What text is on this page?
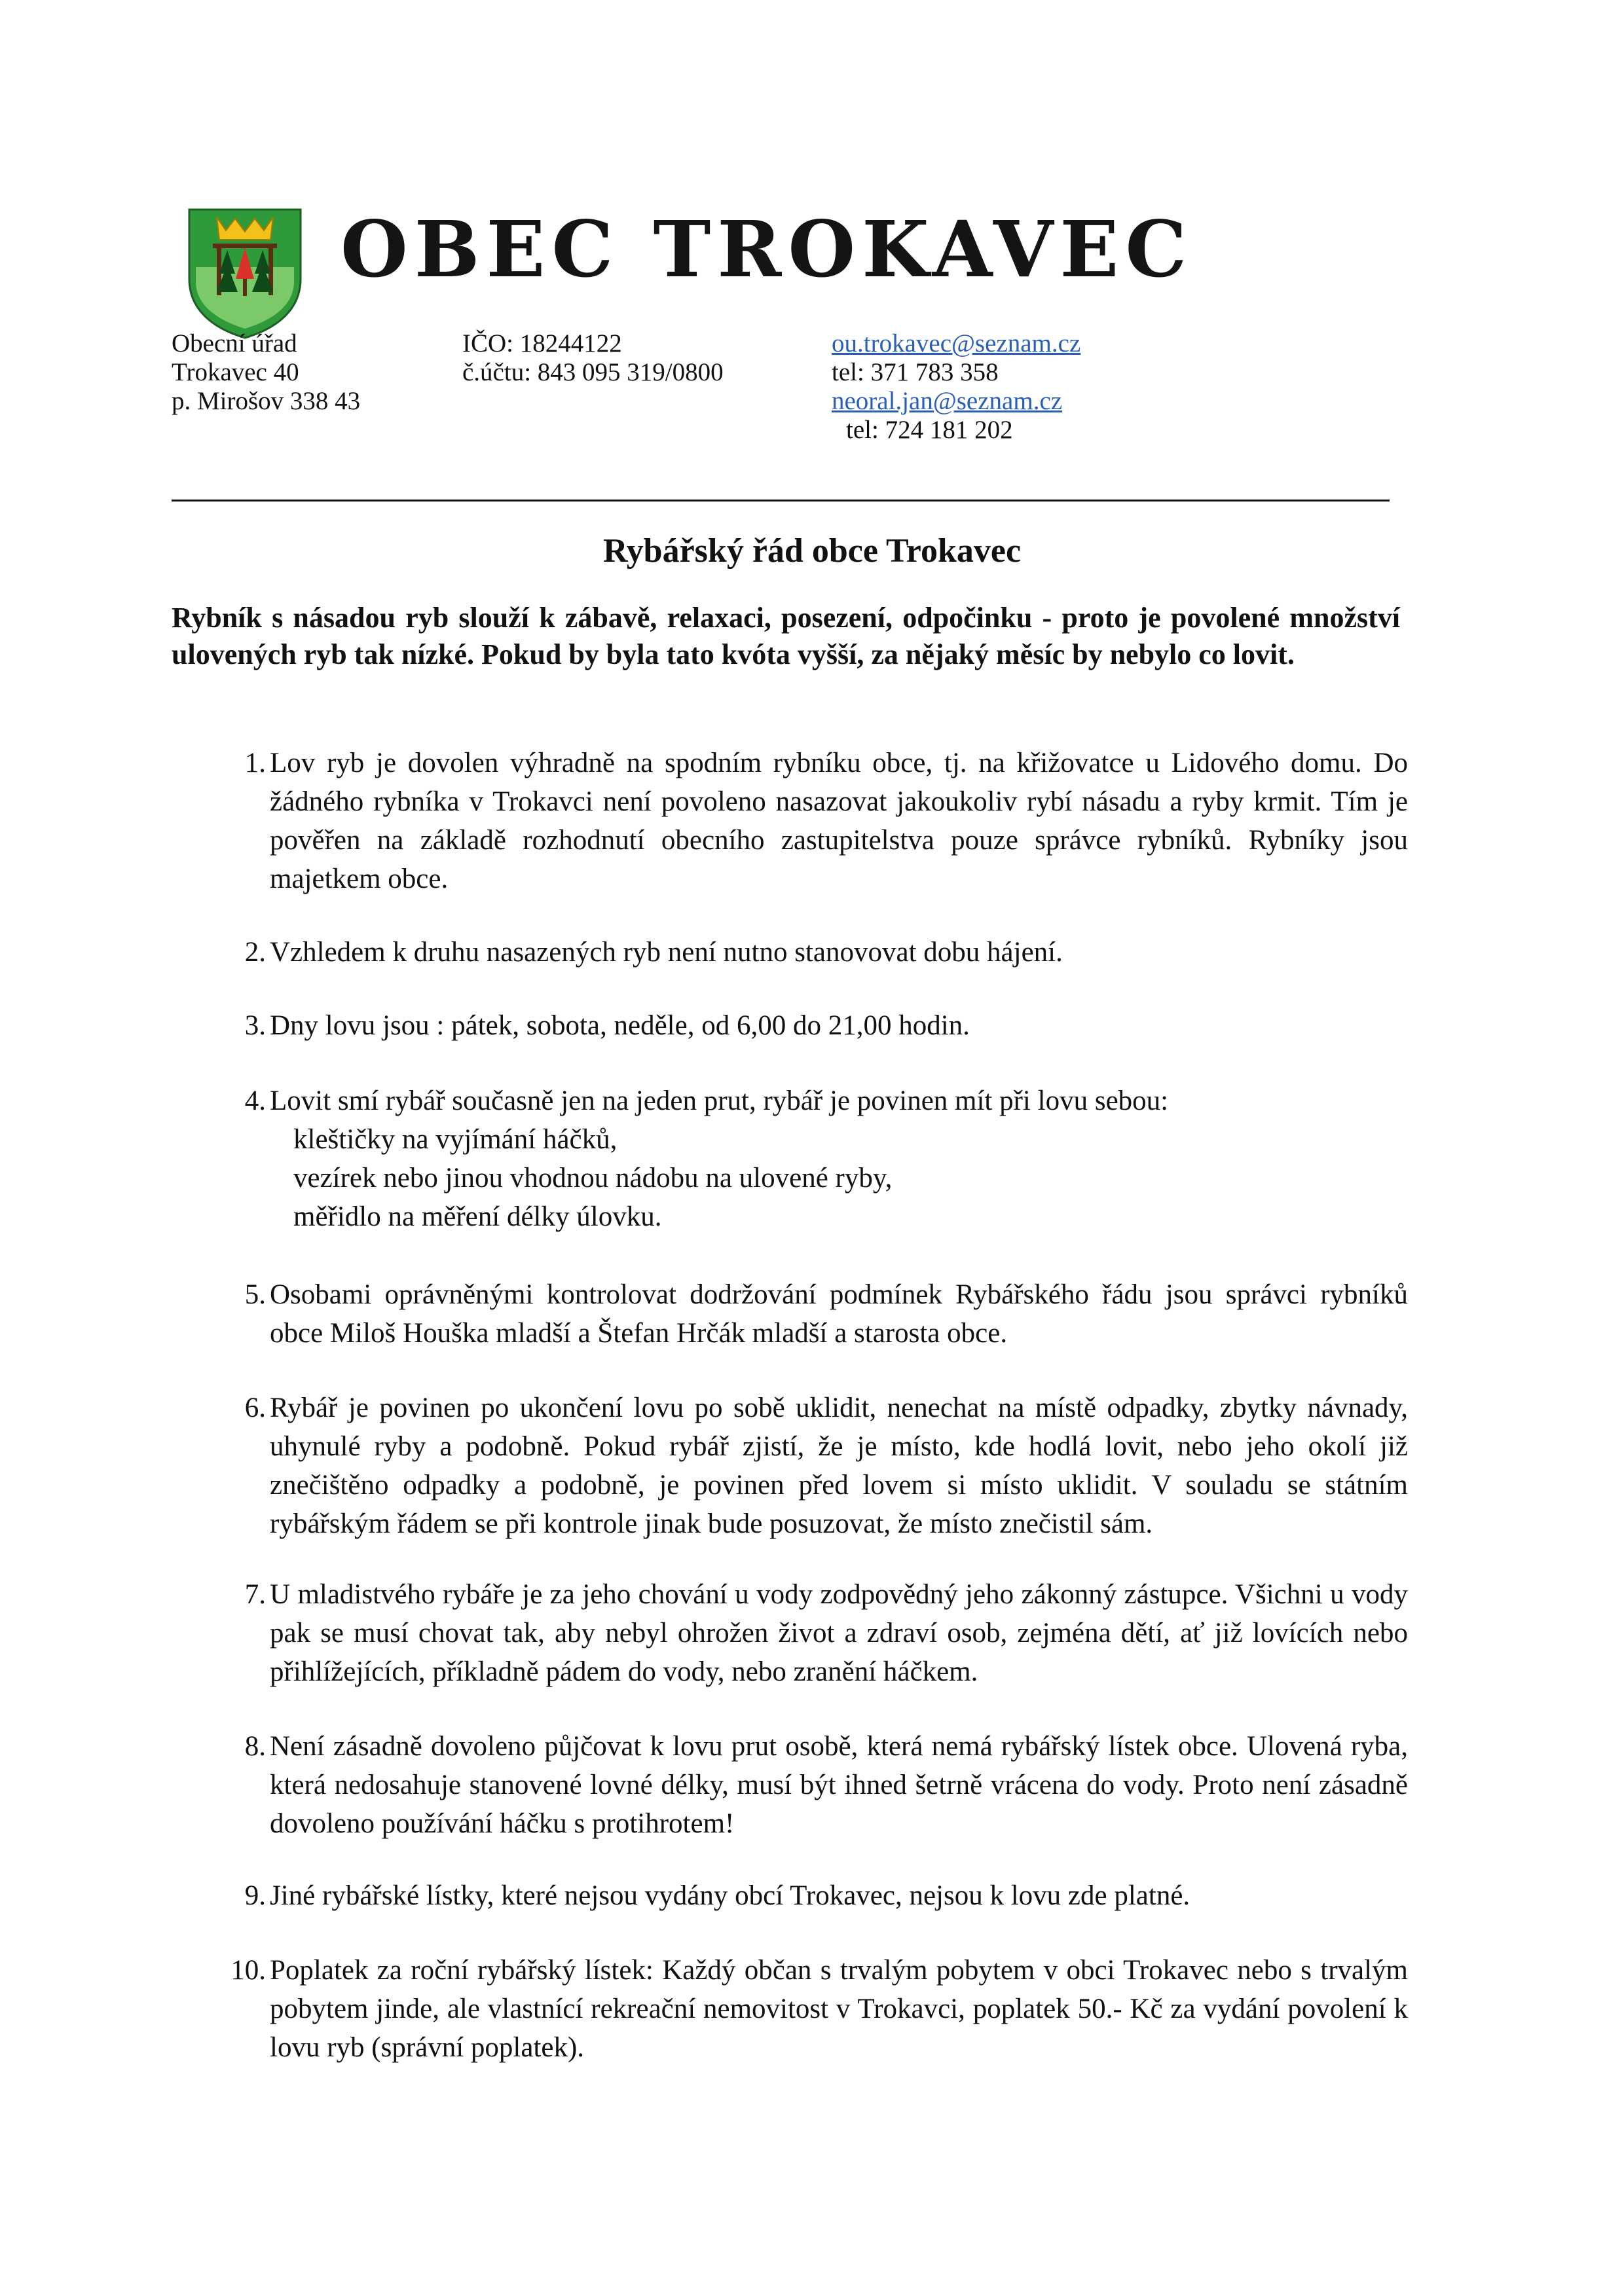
OBEC TROKAVEC
Obecní úřad
Trokavec 40
p. Mirošov 338 43
IČO: 18244122
č.účtu: 843 095 319/0800
ou.trokavec@seznam.cz
tel: 371 783 358
neoral.jan@seznam.cz
tel: 724 181 202
Rybářský řád obce Trokavec
Rybník s násadou ryb slouží k zábavě, relaxaci, posezení, odpočinku - proto je povolené množství ulovených ryb tak nízké. Pokud by byla tato kvóta vyšší, za nějaký měsíc by nebylo co lovit.
1. Lov ryb je dovolen výhradně na spodním rybníku obce, tj. na křižovatce u Lidového domu. Do žádného rybníka v Trokavci není povoleno nasazovat jakoukoliv rybí násadu a ryby krmit. Tím je pověřen na základě rozhodnutí obecního zastupitelstva pouze správce rybníků. Rybníky jsou majetkem obce.
2. Vzhledem k druhu nasazených ryb není nutno stanovovat dobu hájení.
3. Dny lovu jsou : pátek, sobota, neděle, od 6,00 do 21,00 hodin.
4. Lovit smí rybář současně jen na jeden prut, rybář je povinen mít při lovu sebou:
kleštičky na vyjímání háčků,
vezírek nebo jinou vhodnou nádobu na ulovené ryby,
měřidlo na měření délky úlovku.
5. Osobami oprávněnými kontrolovat dodržování podmínek Rybářského řádu jsou správci rybníků obce Miloš Houška mladší a Štefan Hrčák mladší a starosta obce.
6. Rybář je povinen po ukončení lovu po sobě uklidit, nenechat na místě odpadky, zbytky návnady, uhynulé ryby a podobně. Pokud rybář zjistí, že je místo, kde hodlá lovit, nebo jeho okolí již znečištěno odpadky a podobně, je povinen před lovem si místo uklidit. V souladu se státním rybářským řádem se při kontrole jinak bude posuzovat, že místo znečistil sám.
7. U mladistvého rybáře je za jeho chování u vody zodpovědný jeho zákonný zástupce. Všichni u vody pak se musí chovat tak, aby nebyl ohrožen život a zdraví osob, zejména dětí, ať již lovících nebo přihlížejících, příkladně pádem do vody, nebo zranění háčkem.
8. Není zásadně dovoleno půjčovat k lovu prut osobě, která nemá rybářský lístek obce. Ulovená ryba, která nedosahuje stanovené lovné délky, musí být ihned šetrně vrácena do vody. Proto není zásadně dovoleno používání háčku s protihrotem!
9. Jiné rybářské lístky, které nejsou vydány obcí Trokavec, nejsou k lovu zde platné.
10. Poplatek za roční rybářský lístek: Každý občan s trvalým pobytem v obci Trokavec nebo s trvalým pobytem jinde, ale vlastnící rekreační nemovitost v Trokavci, poplatek 50.- Kč za vydání povolení k lovu ryb (správní poplatek).
